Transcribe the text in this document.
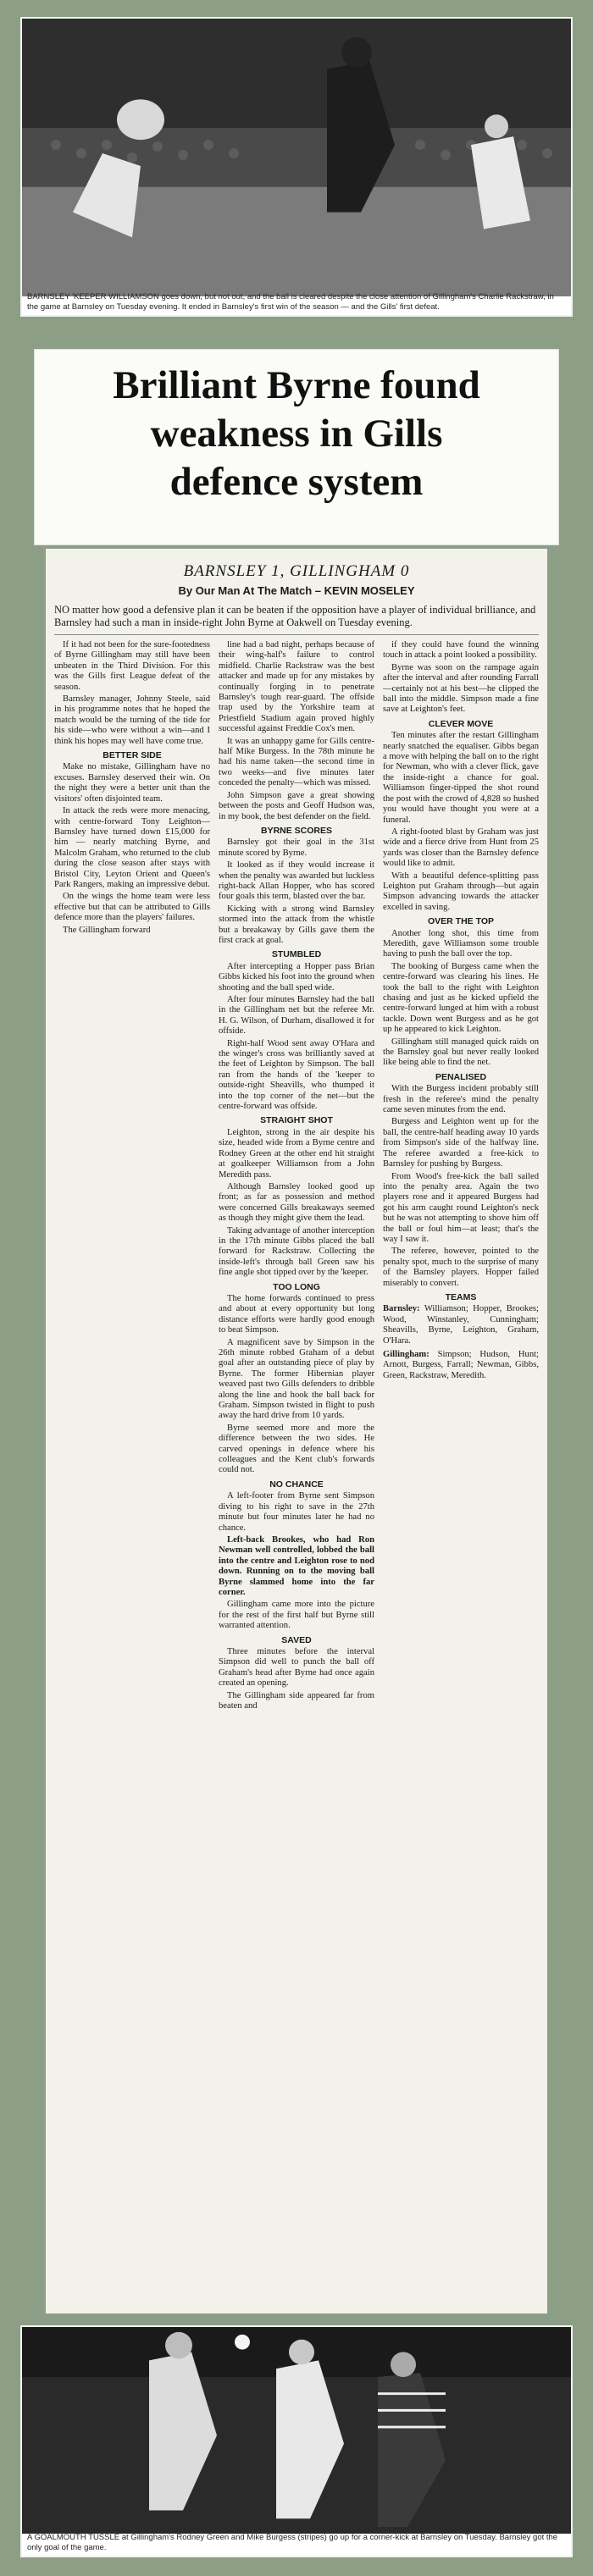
BARNSLEY 'KEEPER WILLIAMSON goes down, but not out, and the ball is cleared despite the close attention of Gillingham's Charlie Rackstraw, in the game at Barnsley on Tuesday evening. It ended in Barnsley's first win of the season — and the Gills' first defeat.
Brilliant Byrne found
weakness in Gills
defence system
BARNSLEY 1, GILLINGHAM 0
By Our Man At The Match – KEVIN MOSELEY
NO matter how good a defensive plan it can be beaten if the opposition have a player of individual brilliance, and Barnsley had such a man in inside-right John Byrne at Oakwell on Tuesday evening.

If it had not been for the sure-footedness of Byrne Gillingham may still have been unbeaten in the Third Division. For this was the Gills first League defeat of the season.

Barnsley manager, Johnny Steele, said in his programme notes that he hoped the match would be the turning of the tide for his side—who were without a win—and I think his hopes may well have come true.

BETTER SIDE

Make no mistake, Gillingham have no excuses. Barnsley deserved their win. On the night they were a better unit than the visitors' often disjointed team.

In attack the reds were more menacing, with centre-forward Tony Leighton—Barnsley have turned down £15,000 for him — nearly matching Byrne, and Malcolm Graham, who returned to the club during the close season after stays with Bristol City, Leyton Orient and Queen's Park Rangers, making an impressive debut.

On the wings the home team were less effective but that can be attributed to Gills defence more than the players' failures.

The Gillingham forward

line had a bad night, perhaps because of their wing-half's failure to control midfield. Charlie Rackstraw was the best attacker and made up for any mistakes by continually forging in to penetrate Barnsley's tough rear-guard. The offside trap used by the Yorkshire team at Priestfield Stadium again proved highly successful against Freddie Cox's men.

It was an unhappy game for Gills centre-half Mike Burgess. In the 78th minute he had his name taken—the second time in two weeks—and five minutes later conceded the penalty—which was missed.

John Simpson gave a great showing between the posts and Geoff Hudson was, in my book, the best defender on the field.

BYRNE SCORES

Barnsley got their goal in the 31st minute scored by Byrne.

It looked as if they would increase it when the penalty was awarded but luckless right-back Allan Hopper, who has scored four goals this term, blasted over the bar.

Kicking with a strong wind Barnsley stormed into the attack from the whistle but a breakaway by Gills gave them the first crack at goal.

STUMBLED

After intercepting a Hopper pass Brian Gibbs kicked his foot into the ground when shooting and the ball sped wide.

After four minutes Barnsley had the ball in the Gillingham net but the referee Mr. H. G. Wilson, of Durham, disallowed it for offside.

Right-half Wood sent away O'Hara and the winger's cross was brilliantly saved at the feet of Leighton by Simpson. The ball ran from the hands of the 'keeper to outside-right Sheavills, who thumped it into the top corner of the net—but the centre-forward was offside.

STRAIGHT SHOT

Leighton, strong in the air despite his size, headed wide from a Byrne centre and Rodney Green at the other end hit straight at goalkeeper Williamson from a John Meredith pass.

Although Barnsley looked good up front; as far as possession and method were concerned Gills breakaways seemed as though they might give them the lead.

Taking advantage of another interception in the 17th minute Gibbs placed the ball forward for Rackstraw. Collecting the inside-left's through ball Green saw his fine angle shot tipped over by the 'keeper.

TOO LONG

The home forwards continued to press and about at every opportunity but long distance efforts were hardly good enough to beat Simpson.

A magnificent save by Simpson in the 26th minute robbed Graham of a debut goal after an outstanding piece of play by Byrne. The former Hibernian player weaved past two Gills defenders to dribble along the line and hook the ball back for Graham. Simpson twisted in flight to push away the hard drive from 10 yards.

Byrne seemed more and more the difference between the two sides. He carved openings in defence where his colleagues and the Kent club's forwards could not.

NO CHANCE

A left-footer from Byrne sent Simpson diving to his right to save in the 27th minute but four minutes later he had no chance.

Left-back Brookes, who had Ron Newman well controlled, lobbed the ball into the centre and Leighton rose to nod down. Running on to the moving ball Byrne slammed home into the far corner.

Gillingham came more into the picture for the rest of the first half but Byrne still warranted attention.

SAVED

Three minutes before the interval Simpson did well to punch the ball off Graham's head after Byrne had once again created an opening.

The Gillingham side appeared far from beaten and

if they could have found the winning touch in attack a point looked a possibility.

Byrne was soon on the rampage again after the interval and after rounding Farrall—certainly not at his best—he clipped the ball into the middle. Simpson made a fine save at Leighton's feet.

CLEVER MOVE

Ten minutes after the restart Gillingham nearly snatched the equaliser. Gibbs began a move with helping the ball on to the right for Newman, who with a clever flick, gave the inside-right a chance for goal. Williamson finger-tipped the shot round the post with the crowd of 4,828 so hushed you would have thought you were at a funeral.

A right-footed blast by Graham was just wide and a fierce drive from Hunt from 25 yards was closer than the Barnsley defence would like to admit.

With a beautiful defence-splitting pass Leighton put Graham through—but again Simpson advancing towards the attacker excelled in saving.

OVER THE TOP

Another long shot, this time from Meredith, gave Williamson some trouble having to push the ball over the top.

The booking of Burgess came when the centre-forward was clearing his lines. He took the ball to the right with Leighton chasing and just as he kicked upfield the centre-forward lunged at him with a robust tackle. Down went Burgess and as he got up he appeared to kick Leighton.

Gillingham still managed quick raids on the Barnsley goal but never really looked like being able to find the net.

PENALISED

With the Burgess incident probably still fresh in the referee's mind the penalty came seven minutes from the end.

Burgess and Leighton went up for the ball, the centre-half heading away 10 yards from Simpson's side of the halfway line. The referee awarded a free-kick to Barnsley for pushing by Burgess.

From Wood's free-kick the ball sailed into the penalty area. Again the two players rose and it appeared Burgess had got his arm caught round Leighton's neck but he was not attempting to shove him off the ball or foul him—at least; that's the way I saw it.

The referee, however, pointed to the penalty spot, much to the surprise of many of the Barnsley players. Hopper failed miserably to convert.

TEAMS

Barnsley: Williamson; Hopper, Brookes; Wood, Winstanley, Cunningham; Sheavills, Byrne, Leighton, Graham, O'Hara.

Gillingham: Simpson; Hudson, Hunt; Arnott, Burgess, Farrall; Newman, Gibbs, Green, Rackstraw, Meredith.

A GOALMOUTH TUSSLE at Gillingham's Rodney Green and Mike Burgess (stripes) go up for a corner-kick at Barnsley on Tuesday. Barnsley got the only goal of the game.
